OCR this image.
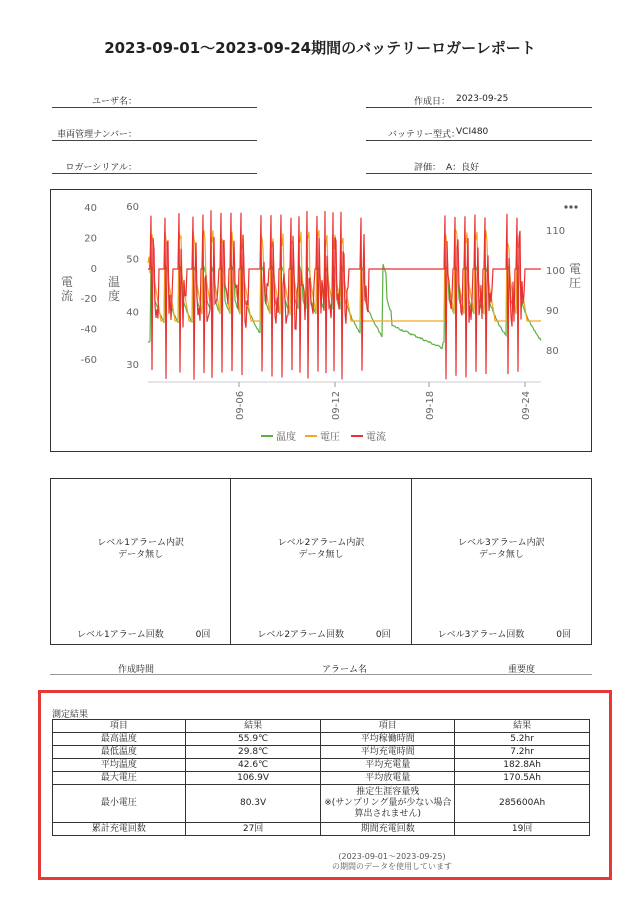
2023-09-01～2023-09-24期間のバッテリーロガーレポート
ユーザ名：
車両管理ナンバー：
ロガーシリアル：
作成日： 2023-09-25
バッテリー型式：
VCI480
評価： A：良好
40
20
0
-20
-40
-60
60
50
40
30
110
100
90
80
電
流
温
度
電
圧
09-06	09-12	09-18	09-24
温度 電圧	電流
レベル1アラーム内訳
データ無し
レベル1アラーム回数	0回
レベル2アラーム内訳
データ無し
レベル2アラーム回数	0回
レベル3アラーム内訳
データ無し
レベル3アラーム回数	0回
作成時間	アラーム名	重要度
測定結果
項目	結果	項目	結果
最高温度	55.9℃	平均稼働時間	5.2hr
最低温度	29.8℃	平均充電時間	7.2hr
平均温度	42.6℃	平均充電量	182.8Ah
最大電圧	106.9V	平均放電量	170.5Ah
最小電圧	80.3V	推定生涯容量残
※(サンプリング量が少ない場合
算出されません)	285600Ah
累計充電回数	27回	期間充電回数	19回
(2023-09-01～2023-09-25)
の期間のデータを使用しています
